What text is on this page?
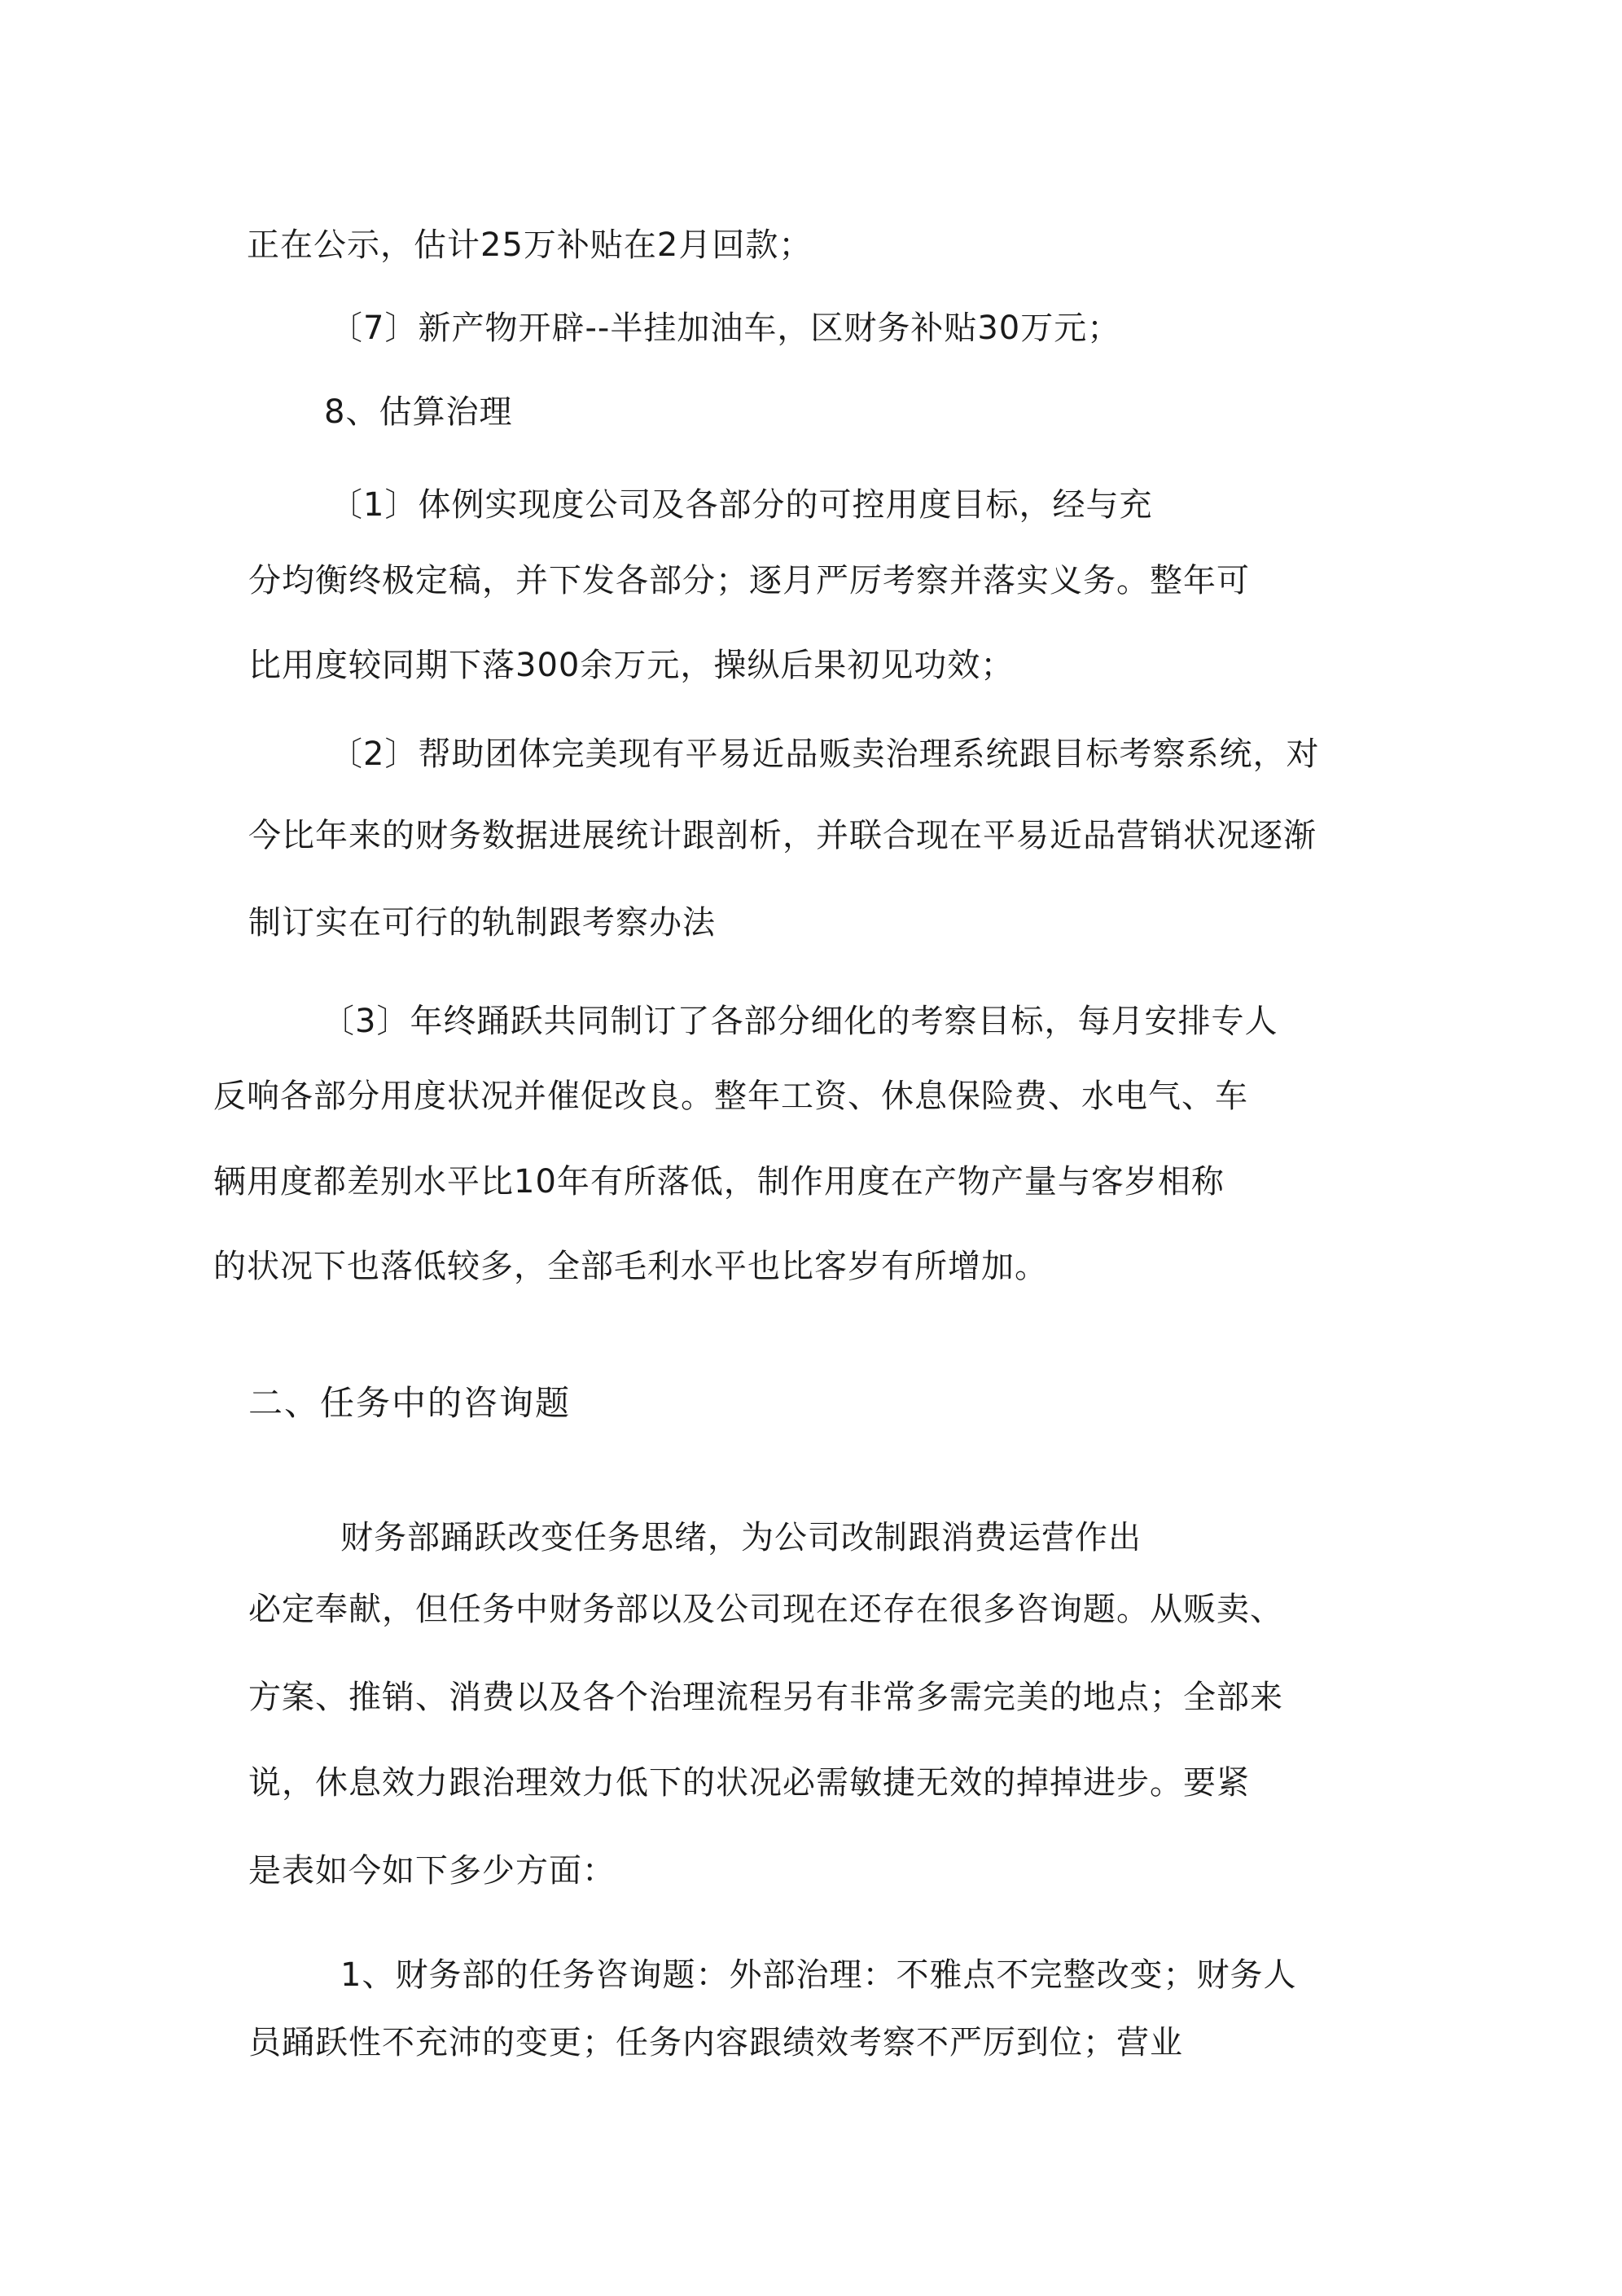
正在公示，估计25万补贴在2月回款；
〔7〕新产物开辟--半挂加油车，区财务补贴30万元；
8、估算治理
〔1〕体例实现度公司及各部分的可控用度目标，经与充
分均衡终极定稿，并下发各部分；逐月严厉考察并落实义务。整年可
比用度较同期下落300余万元，操纵后果初见功效；
〔2〕帮助团体完美现有平易近品贩卖治理系统跟目标考察系统，对
今比年来的财务数据进展统计跟剖析，并联合现在平易近品营销状况逐渐
制订实在可行的轨制跟考察办法
〔3〕年终踊跃共同制订了各部分细化的考察目标，每月安排专人
反响各部分用度状况并催促改良。整年工资、休息保险费、水电气、车
辆用度都差别水平比10年有所落低，制作用度在产物产量与客岁相称
的状况下也落低较多，全部毛利水平也比客岁有所增加。
二、任务中的咨询题
财务部踊跃改变任务思绪，为公司改制跟消费运营作出
必定奉献，但任务中财务部以及公司现在还存在很多咨询题。从贩卖、
方案、推销、消费以及各个治理流程另有非常多需完美的地点；全部来
说，休息效力跟治理效力低下的状况必需敏捷无效的掉掉进步。要紧
是表如今如下多少方面：
1、财务部的任务咨询题：外部治理：不雅点不完整改变；财务人
员踊跃性不充沛的变更；任务内容跟绩效考察不严厉到位；营业
